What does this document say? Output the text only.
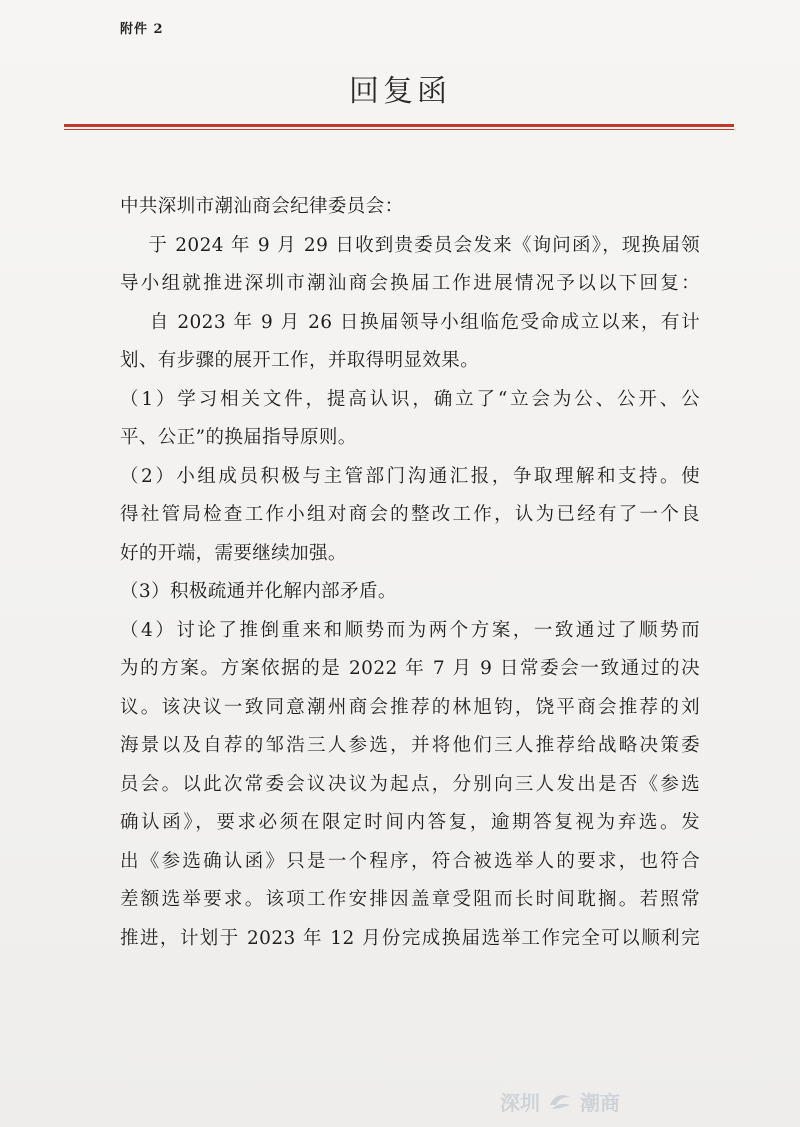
附件 2
回复函
中共深圳市潮汕商会纪律委员会：
于 2024 年 9 月 29 日收到贵委员会发来《询问函》，现换届领
导小组就推进深圳市潮汕商会换届工作进展情况予以以下回复：
自 2023 年 9 月 26 日换届领导小组临危受命成立以来，有计
划、有步骤的展开工作，并取得明显效果。
（1）学习相关文件，提高认识，确立了“立会为公、公开、公
平、公正”的换届指导原则。
（2）小组成员积极与主管部门沟通汇报，争取理解和支持。使
得社管局检查工作小组对商会的整改工作，认为已经有了一个良
好的开端，需要继续加强。
（3）积极疏通并化解内部矛盾。
（4）讨论了推倒重来和顺势而为两个方案，一致通过了顺势而
为的方案。方案依据的是 2022 年 7 月 9 日常委会一致通过的决
议。该决议一致同意潮州商会推荐的林旭钧，饶平商会推荐的刘
海景以及自荐的邹浩三人参选，并将他们三人推荐给战略决策委
员会。以此次常委会议决议为起点，分别向三人发出是否《参选
确认函》，要求必须在限定时间内答复，逾期答复视为弃选。发
出《参选确认函》只是一个程序，符合被选举人的要求，也符合
差额选举要求。该项工作安排因盖章受阻而长时间耽搁。若照常
推进，计划于 2023 年 12 月份完成换届选举工作完全可以顺利完
深圳 潮商
